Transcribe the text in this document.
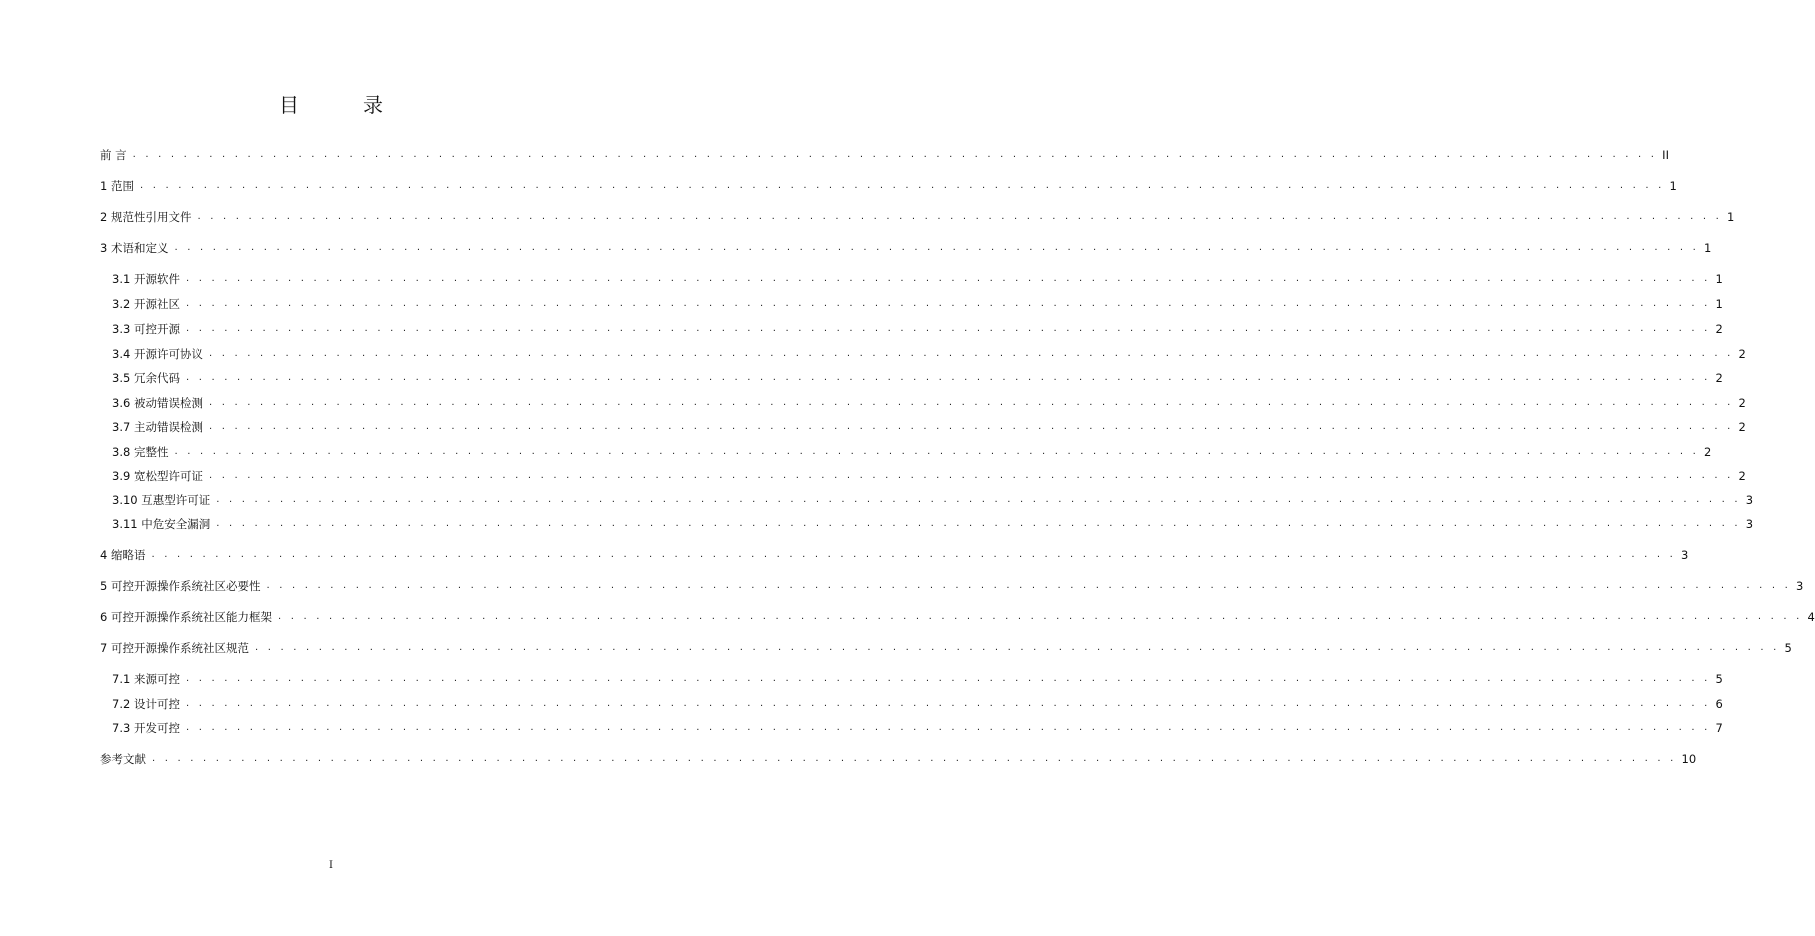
目　录
前 言 . . . . . . . . . . . . . . . . . . . . . . . . . . . . . . . . . . . . . . . . . . . . . . . . . . . . . . . . . . . . . . . . . . . . . . . . . . . . . . . . . . . . . . . . . . . . . . . . . . . . . . . . . . . . . . . . . . . . . . . . II
1 范围 . . . . . . . . . . . . . . . . . . . . . . . . . . . . . . . . . . . . . . . . . . . . . . . . . . . . . . . . . . . . . . . . . . . . . . . . . . . . . . . . . . . . . . . . . . . . . . . . . . . . . . . . . . . . . . . . . . . . . . . . 1
2 规范性引用文件 . . . . . . . . . . . . . . . . . . . . . . . . . . . . . . . . . . . . . . . . . . . . . . . . . . . . . . . . . . . . . . . . . . . . . . . . . . . . . . . . . . . . . . . . . . . . . . . . . . . . . . . . . . . . . . . . . . . . . . . . 1
3 术语和定义 . . . . . . . . . . . . . . . . . . . . . . . . . . . . . . . . . . . . . . . . . . . . . . . . . . . . . . . . . . . . . . . . . . . . . . . . . . . . . . . . . . . . . . . . . . . . . . . . . . . . . . . . . . . . . . . . . . . . . . . . 1
3.1 开源软件 . . . . . . . . . . . . . . . . . . . . . . . . . . . . . . . . . . . . . . . . . . . . . . . . . . . . . . . . . . . . . . . . . . . . . . . . . . . . . . . . . . . . . . . . . . . . . . . . . . . . . . . . . . . . . . . . . . . . . . . . 1
3.2 开源社区 . . . . . . . . . . . . . . . . . . . . . . . . . . . . . . . . . . . . . . . . . . . . . . . . . . . . . . . . . . . . . . . . . . . . . . . . . . . . . . . . . . . . . . . . . . . . . . . . . . . . . . . . . . . . . . . . . . . . . . . . 1
3.3 可控开源 . . . . . . . . . . . . . . . . . . . . . . . . . . . . . . . . . . . . . . . . . . . . . . . . . . . . . . . . . . . . . . . . . . . . . . . . . . . . . . . . . . . . . . . . . . . . . . . . . . . . . . . . . . . . . . . . . . . . . . . . 2
3.4 开源许可协议 . . . . . . . . . . . . . . . . . . . . . . . . . . . . . . . . . . . . . . . . . . . . . . . . . . . . . . . . . . . . . . . . . . . . . . . . . . . . . . . . . . . . . . . . . . . . . . . . . . . . . . . . . . . . . . . . . . . . . . . . 2
3.5 冗余代码 . . . . . . . . . . . . . . . . . . . . . . . . . . . . . . . . . . . . . . . . . . . . . . . . . . . . . . . . . . . . . . . . . . . . . . . . . . . . . . . . . . . . . . . . . . . . . . . . . . . . . . . . . . . . . . . . . . . . . . . . 2
3.6 被动错误检测 . . . . . . . . . . . . . . . . . . . . . . . . . . . . . . . . . . . . . . . . . . . . . . . . . . . . . . . . . . . . . . . . . . . . . . . . . . . . . . . . . . . . . . . . . . . . . . . . . . . . . . . . . . . . . . . . . . . . . . . . 2
3.7 主动错误检测 . . . . . . . . . . . . . . . . . . . . . . . . . . . . . . . . . . . . . . . . . . . . . . . . . . . . . . . . . . . . . . . . . . . . . . . . . . . . . . . . . . . . . . . . . . . . . . . . . . . . . . . . . . . . . . . . . . . . . . . . 2
3.8 完整性 . . . . . . . . . . . . . . . . . . . . . . . . . . . . . . . . . . . . . . . . . . . . . . . . . . . . . . . . . . . . . . . . . . . . . . . . . . . . . . . . . . . . . . . . . . . . . . . . . . . . . . . . . . . . . . . . . . . . . . . . 2
3.9 宽松型许可证 . . . . . . . . . . . . . . . . . . . . . . . . . . . . . . . . . . . . . . . . . . . . . . . . . . . . . . . . . . . . . . . . . . . . . . . . . . . . . . . . . . . . . . . . . . . . . . . . . . . . . . . . . . . . . . . . . . . . . . . . 2
3.10 互惠型许可证 . . . . . . . . . . . . . . . . . . . . . . . . . . . . . . . . . . . . . . . . . . . . . . . . . . . . . . . . . . . . . . . . . . . . . . . . . . . . . . . . . . . . . . . . . . . . . . . . . . . . . . . . . . . . . . . . . . . . . . . . 3
3.11 中危安全漏洞 . . . . . . . . . . . . . . . . . . . . . . . . . . . . . . . . . . . . . . . . . . . . . . . . . . . . . . . . . . . . . . . . . . . . . . . . . . . . . . . . . . . . . . . . . . . . . . . . . . . . . . . . . . . . . . . . . . . . . . . . 3
4 缩略语 . . . . . . . . . . . . . . . . . . . . . . . . . . . . . . . . . . . . . . . . . . . . . . . . . . . . . . . . . . . . . . . . . . . . . . . . . . . . . . . . . . . . . . . . . . . . . . . . . . . . . . . . . . . . . . . . . . . . . . . . 3
5 可控开源操作系统社区必要性 . . . . . . . . . . . . . . . . . . . . . . . . . . . . . . . . . . . . . . . . . . . . . . . . . . . . . . . . . . . . . . . . . . . . . . . . . . . . . . . . . . . . . . . . . . . . . . . . . . . . . . . . . . . . . . . . . . . . . . . . 3
6 可控开源操作系统社区能力框架 . . . . . . . . . . . . . . . . . . . . . . . . . . . . . . . . . . . . . . . . . . . . . . . . . . . . . . . . . . . . . . . . . . . . . . . . . . . . . . . . . . . . . . . . . . . . . . . . . . . . . . . . . . . . . . . . . . . . . . . . 4
7 可控开源操作系统社区规范 . . . . . . . . . . . . . . . . . . . . . . . . . . . . . . . . . . . . . . . . . . . . . . . . . . . . . . . . . . . . . . . . . . . . . . . . . . . . . . . . . . . . . . . . . . . . . . . . . . . . . . . . . . . . . . . . . . . . . . . . 5
7.1 来源可控 . . . . . . . . . . . . . . . . . . . . . . . . . . . . . . . . . . . . . . . . . . . . . . . . . . . . . . . . . . . . . . . . . . . . . . . . . . . . . . . . . . . . . . . . . . . . . . . . . . . . . . . . . . . . . . . . . . . . . . . . 5
7.2 设计可控 . . . . . . . . . . . . . . . . . . . . . . . . . . . . . . . . . . . . . . . . . . . . . . . . . . . . . . . . . . . . . . . . . . . . . . . . . . . . . . . . . . . . . . . . . . . . . . . . . . . . . . . . . . . . . . . . . . . . . . . . 6
7.3 开发可控 . . . . . . . . . . . . . . . . . . . . . . . . . . . . . . . . . . . . . . . . . . . . . . . . . . . . . . . . . . . . . . . . . . . . . . . . . . . . . . . . . . . . . . . . . . . . . . . . . . . . . . . . . . . . . . . . . . . . . . . . 7
参考文献 . . . . . . . . . . . . . . . . . . . . . . . . . . . . . . . . . . . . . . . . . . . . . . . . . . . . . . . . . . . . . . . . . . . . . . . . . . . . . . . . . . . . . . . . . . . . . . . . . . . . . . . . . . . . . . . . . . . . . . . . 10
I
